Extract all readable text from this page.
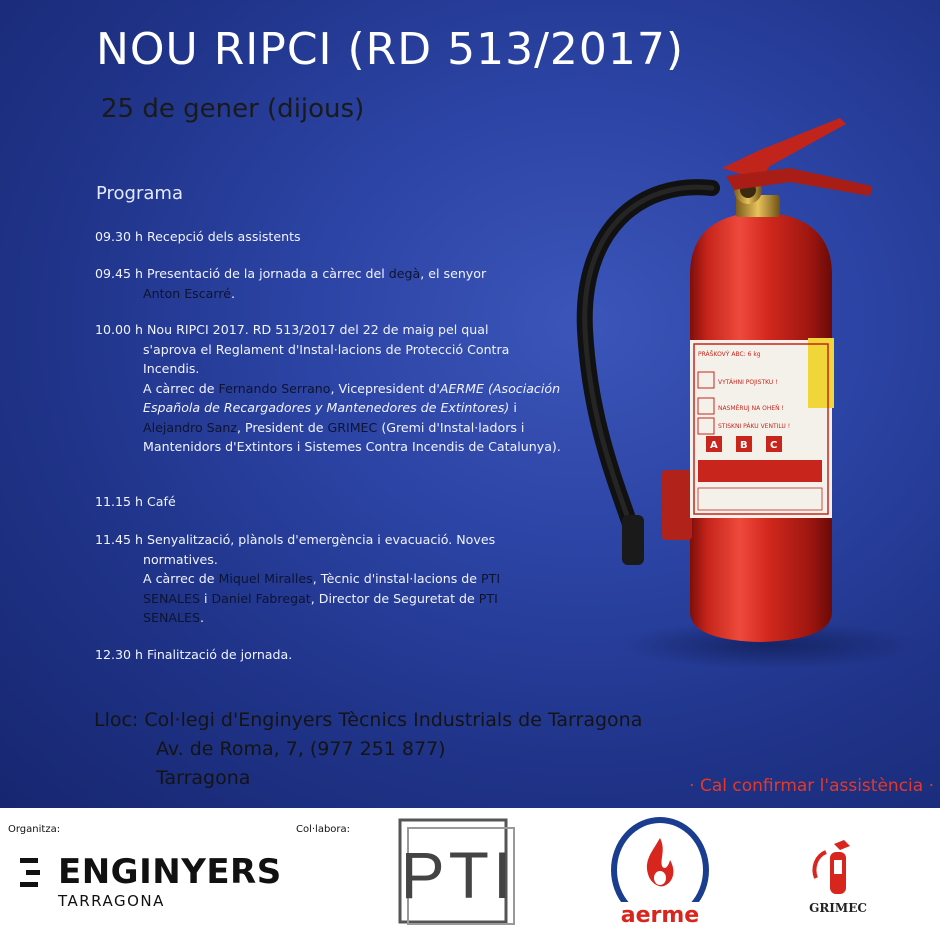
PRÁŠKOVÝ ABC: 6 kg
VYTÁHNI POJISTKU !
NASMĚRUJ NA OHEŇ !
STISKNI PÁKU VENTILU !
A B C
NOU RIPCI (RD 513/2017)
25 de gener (dijous)
Programa
09.30 h Recepció dels assistents
09.45 h Presentació de la jornada a càrrec del degà, el senyor
Anton Escarré.
10.00 h Nou RIPCI 2017. RD 513/2017 del 22 de maig pel qual
s'aprova el Reglament d'Instal·lacions de Protecció Contra Incendis.
A càrrec de Fernando Serrano, Vicepresident d'AERME (Asociación Española de Recargadores y Mantenedores de Extintores) i Alejandro Sanz, President de GRIMEC (Gremi d'Instal·ladors i Mantenidors d'Extintors i Sistemes Contra Incendis de Catalunya).
11.15 h Café
11.45 h Senyalització, plànols d'emergència i evacuació. Noves
normatives.
A càrrec de Miquel Miralles, Tècnic d'instal·lacions de PTI SENALES i Daniel Fabregat, Director de Seguretat de PTI SENALES.
12.30 h Finalització de jornada.
Lloc: Col·legi d'Enginyers Tècnics Industrials de Tarragona
Av. de Roma, 7, (977 251 877)
Tarragona	· Cal confirmar l'assistència ·
Organitza:	Col·labora:
ENGINYERS
TARRAGONA	PTI
aerme	GRIMEC
